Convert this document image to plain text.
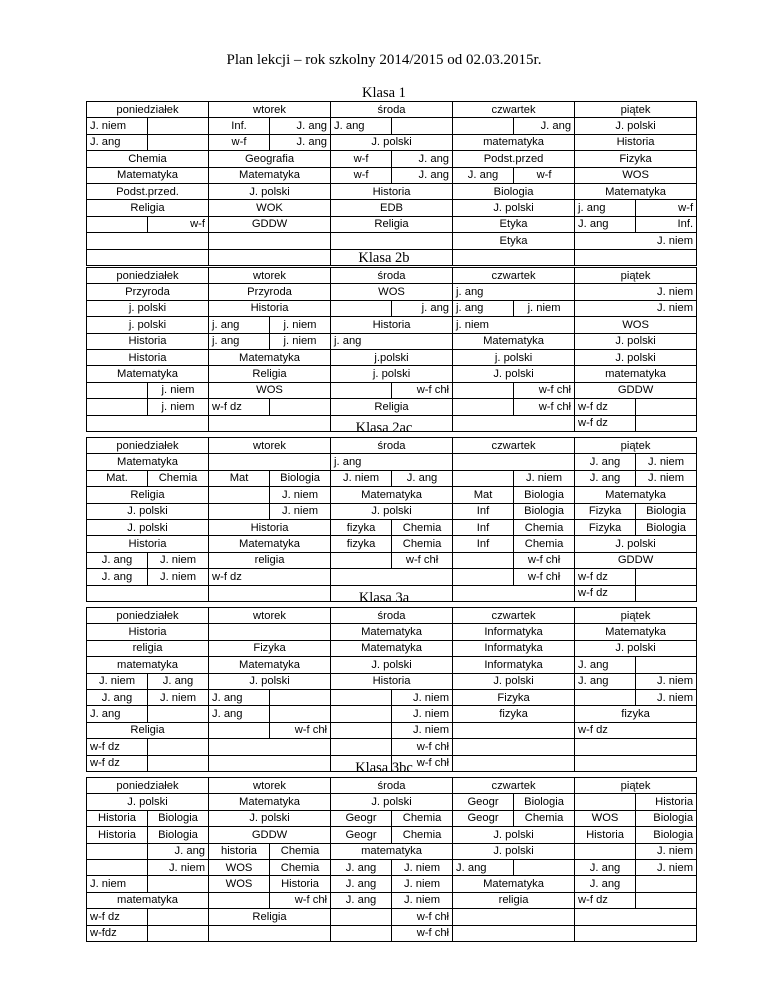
Plan lekcji – rok szkolny 2014/2015 od 02.03.2015r.
Klasa 1
poniedziałek		wtorek		środa		czwartek		piątek	
J. niem		Inf.	J. ang	J. ang			J. ang	J. polski	
J. ang		w-f	J. ang	J. polski		matematyka		Historia	
Chemia		Geografia		w-f	J. ang	Podst.przed		Fizyka	
Matematyka		Matematyka		w-f	J. ang	J. ang	w-f	WOS	
Podst.przed.		J. polski		Historia		Biologia		Matematyka	
Religia		WOK		EDB		J. polski		j. ang	w-f
	w-f	GDDW		Religia		Etyka		J. ang	Inf.
						Etyka		J. niem	

Klasa 2b
poniedziałek		wtorek		środa		czwartek		piątek	
Przyroda		Przyroda		WOS		j. ang		J. niem	
j. polski		Historia			j. ang	j. ang	j. niem	J. niem	
j. polski		j. ang	j. niem	Historia		j. niem		WOS	
Historia		j. ang	j. niem	j. ang		Matematyka		J. polski	
Historia		Matematyka		j.polski		j. polski		J. polski	
Matematyka		Religia		j. polski		J. polski		matematyka	
	j. niem	WOS			w-f chł		w-f chł	GDDW	
	j. niem	w-f dz		Religia			w-f chł	w-f dz	
								w-f dz	
Klasa 2ac
poniedziałek		wtorek		środa		czwartek		piątek	
Matematyka				j. ang				J. ang	J. niem
Mat.	Chemia	Mat	Biologia	J. niem	J. ang		J. niem	J. ang	J. niem
Religia			J. niem	Matematyka		Mat	Biologia	Matematyka	
J. polski			J. niem	J. polski		Inf	Biologia	Fizyka	Biologia
J. polski		Historia		fizyka	Chemia	Inf	Chemia	Fizyka	Biologia
Historia		Matematyka		fizyka	Chemia	Inf	Chemia	J. polski	
J. ang	J. niem	religia			w-f chł		w-f chł	GDDW	
J. ang	J. niem	w-f dz					w-f chł	w-f dz	
								w-f dz	
Klasa 3a
poniedziałek		wtorek		środa		czwartek	piątek	
Historia				Matematyka		Informatyka	Matematyka	
religia		Fizyka		Matematyka		Informatyka	J. polski	
matematyka		Matematyka		J. polski		Informatyka	J. ang	
J. niem	J. ang	J. polski		Historia		J. polski	J. ang	J. niem
J. ang	J. niem	J. ang			J. niem	Fizyka		J. niem
J. ang		J. ang			J. niem	fizyka	fizyka	
Religia			w-f chł		J. niem		w-f dz	
w-f dz					w-f chł			
w-f dz					w-f chł			
Klasa 3bc
poniedziałek		wtorek		środa		czwartek		piątek	
J. polski		Matematyka		J. polski		Geogr	Biologia		Historia
Historia	Biologia	J. polski		Geogr	Chemia	Geogr	Chemia	WOS	Biologia
Historia	Biologia	GDDW		Geogr	Chemia	J. polski		Historia	Biologia
	J. ang	historia	Chemia	matematyka		J. polski			J. niem
	J. niem	WOS	Chemia	J. ang	J. niem	J. ang		J. ang	J. niem
J. niem		WOS	Historia	J. ang	J. niem	Matematyka		J. ang	
matematyka			w-f chł	J. ang	J. niem	religia		w-f dz	
w-f dz		Religia			w-f chł				
w-fdz					w-f chł				
